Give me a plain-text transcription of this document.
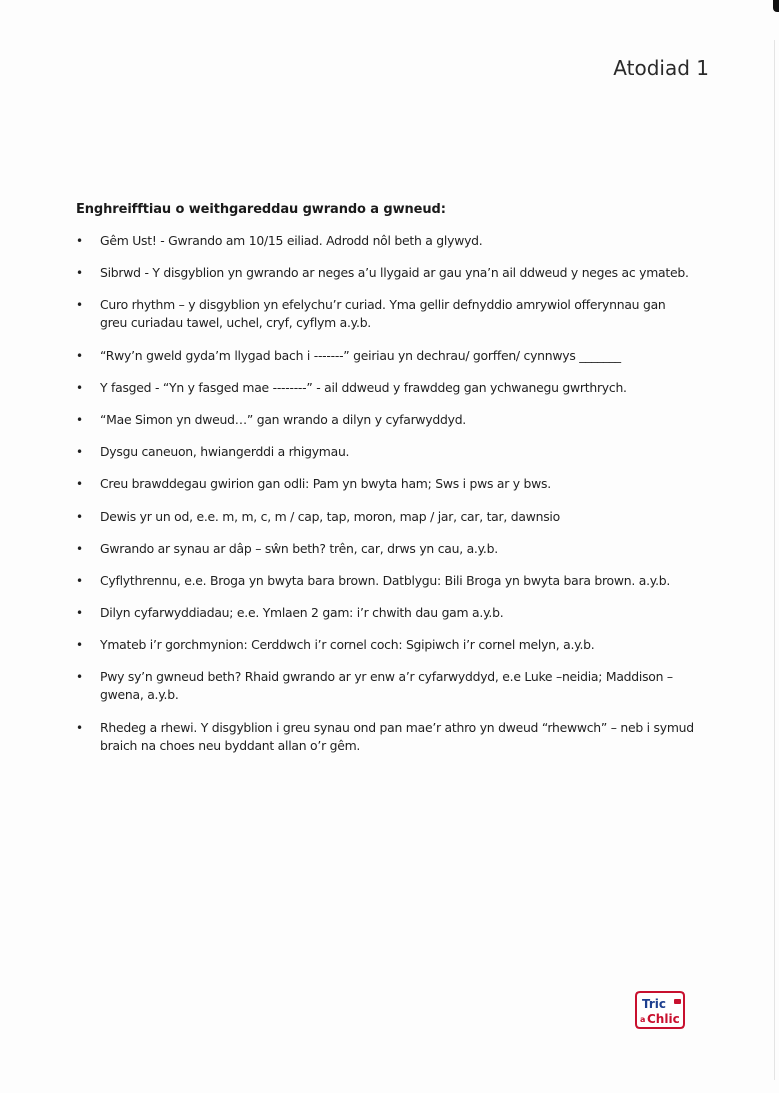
Atodiad 1
Enghreifftiau o weithgareddau gwrando a gwneud:
• Gêm Ust! - Gwrando am 10/15 eiliad. Adrodd nôl beth a glywyd.
• Sibrwd - Y disgyblion yn gwrando ar neges a’u llygaid ar gau yna’n ail ddweud y neges ac ymateb.
• Curo rhythm – y disgyblion yn efelychu’r curiad. Yma gellir defnyddio amrywiol offerynnau gan greu curiadau tawel, uchel, cryf, cyflym a.y.b.
• “Rwy’n gweld gyda’m llygad bach i -------” geiriau yn dechrau/ gorffen/ cynnwys _______
• Y fasged - “Yn y fasged mae --------” - ail ddweud y frawddeg gan ychwanegu gwrthrych.
• “Mae Simon yn dweud…” gan wrando a dilyn y cyfarwyddyd.
• Dysgu caneuon, hwiangerddi a rhigymau.
• Creu brawddegau gwirion gan odli: Pam yn bwyta ham; Sws i pws ar y bws.
• Dewis yr un od, e.e. m, m, c, m / cap, tap, moron, map / jar, car, tar, dawnsio
• Gwrando ar synau ar dâp – sŵn beth? trên, car, drws yn cau, a.y.b.
• Cyflythrennu, e.e. Broga yn bwyta bara brown. Datblygu: Bili Broga yn bwyta bara brown. a.y.b.
• Dilyn cyfarwyddiadau; e.e. Ymlaen 2 gam: i’r chwith dau gam a.y.b.
• Ymateb i’r gorchmynion: Cerddwch i’r cornel coch: Sgipiwch i’r cornel melyn, a.y.b.
• Pwy sy’n gwneud beth? Rhaid gwrando ar yr enw a’r cyfarwyddyd, e.e Luke –neidia; Maddison – gwena, a.y.b.
• Rhedeg a rhewi. Y disgyblion i greu synau ond pan mae’r athro yn dweud “rhewwch” – neb i symud braich na choes neu byddant allan o’r gêm.
Tric
a Chlic
